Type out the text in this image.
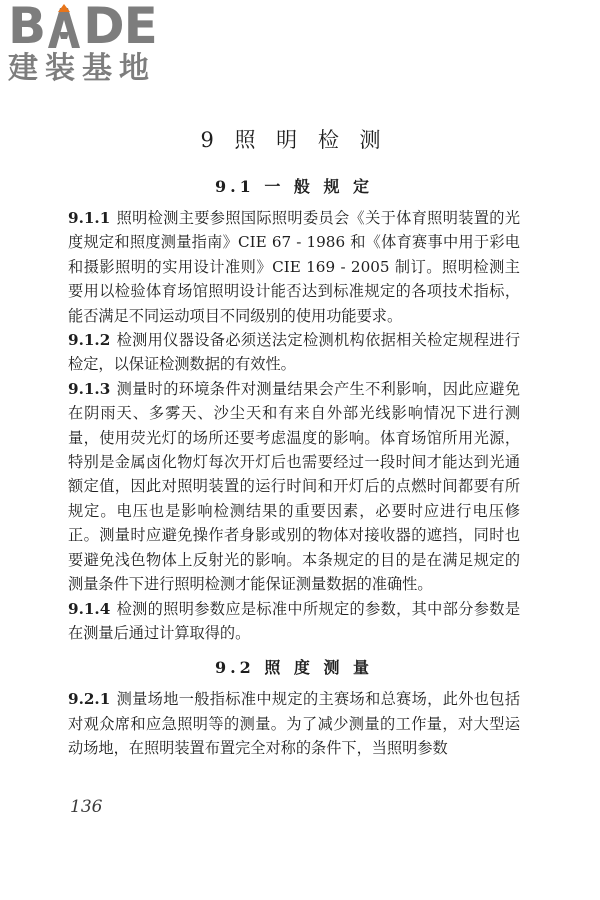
B DE
建装基地
9 照 明 检 测
9.1 一 般 规 定

9.1.1 照明检测主要参照国际照明委员会《关于体育照明装置的光度规定和照度测量指南》CIE 67 - 1986 和《体育赛事中用于彩电和摄影照明的实用设计准则》CIE 169 - 2005 制订。照明检测主要用以检验体育场馆照明设计能否达到标准规定的各项技术指标，能否满足不同运动项目不同级别的使用功能要求。

9.1.2 检测用仪器设备必须送法定检测机构依据相关检定规程进行检定，以保证检测数据的有效性。

9.1.3 测量时的环境条件对测量结果会产生不利影响，因此应避免在阴雨天、多雾天、沙尘天和有来自外部光线影响情况下进行测量，使用荧光灯的场所还要考虑温度的影响。体育场馆所用光源，特别是金属卤化物灯每次开灯后也需要经过一段时间才能达到光通额定值，因此对照明装置的运行时间和开灯后的点燃时间都要有所规定。电压也是影响检测结果的重要因素，必要时应进行电压修正。测量时应避免操作者身影或别的物体对接收器的遮挡，同时也要避免浅色物体上反射光的影响。本条规定的目的是在满足规定的测量条件下进行照明检测才能保证测量数据的准确性。

9.1.4 检测的照明参数应是标准中所规定的参数，其中部分参数是在测量后通过计算取得的。

9.2 照 度 测 量

9.2.1 测量场地一般指标准中规定的主赛场和总赛场，此外也包括对观众席和应急照明等的测量。为了减少测量的工作量，对大型运动场地，在照明装置布置完全对称的条件下，当照明参数

136
